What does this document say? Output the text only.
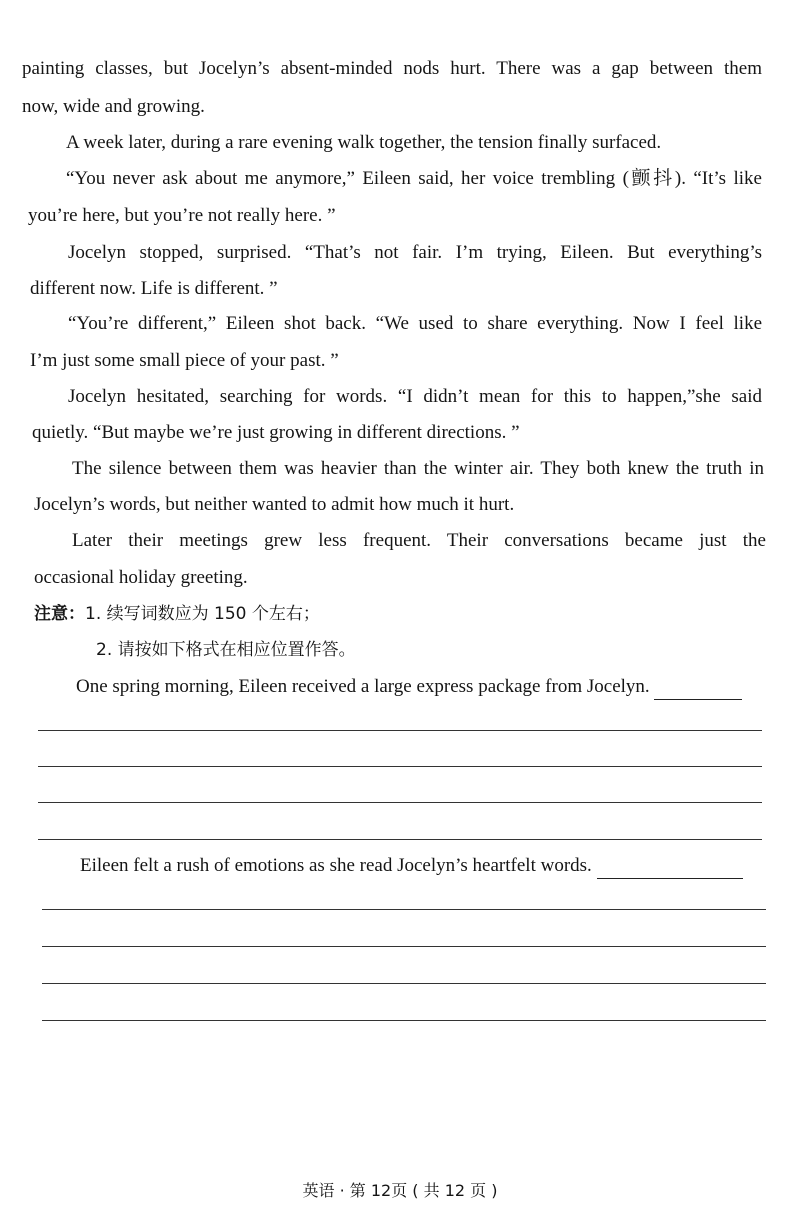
painting classes, but Jocelyn’s absent-minded nods hurt. There was a gap between them

now, wide and growing.

A week later, during a rare evening walk together, the tension finally surfaced.

“You never ask about me anymore,” Eileen said, her voice trembling (颤抖). “It’s like

you’re here, but you’re not really here. ”

Jocelyn stopped, surprised. “That’s not fair. I’m trying, Eileen. But everything’s

different now. Life is different. ”

“You’re different,” Eileen shot back. “We used to share everything. Now I feel like

I’m just some small piece of your past. ”

Jocelyn hesitated, searching for words. “I didn’t mean for this to happen,”she said

quietly. “But maybe we’re just growing in different directions. ”

The silence between them was heavier than the winter air. They both knew the truth in

Jocelyn’s words, but neither wanted to admit how much it hurt.

Later their meetings grew less frequent. Their conversations became just the

occasional holiday greeting.

注意：1. 续写词数应为 150 个左右；

2. 请按如下格式在相应位置作答。

One spring morning, Eileen received a large express package from Jocelyn.

Eileen felt a rush of emotions as she read Jocelyn’s heartfelt words.

英语 · 第 12页 ( 共 12 页 )
